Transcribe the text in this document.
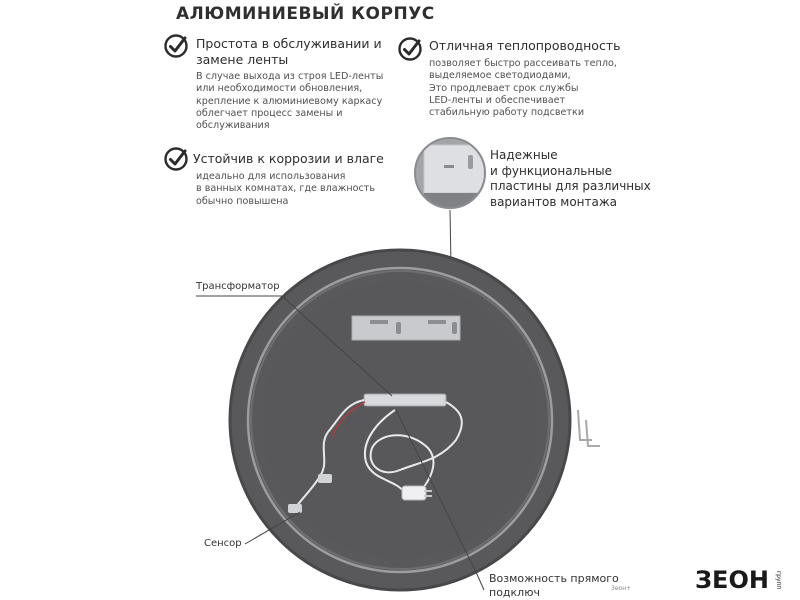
АЛЮМИНИЕВЫЙ КОРПУС
Простота в обслуживании и
замене ленты
В случае выхода из строя LED-ленты
или необходимости обновления,
крепление к алюминиевому каркасу
облегчает процесс замены и
обслуживания
Отличная теплопроводность
позволяет быстро рассеивать тепло,
выделяемое светодиодами,
Это продлевает срок службы
LED-ленты и обеспечивает
стабильную работу подсветки
Устойчив к коррозии и влаге
идеально для использования
в ванных комнатах, где влажность
обычно повышена
Надежные
и функциональные
пластины для различных
вариантов монтажа
Трансформатор
Сенсор
Возможность прямого
подключ	Зеон+	ЗЕОН групп
